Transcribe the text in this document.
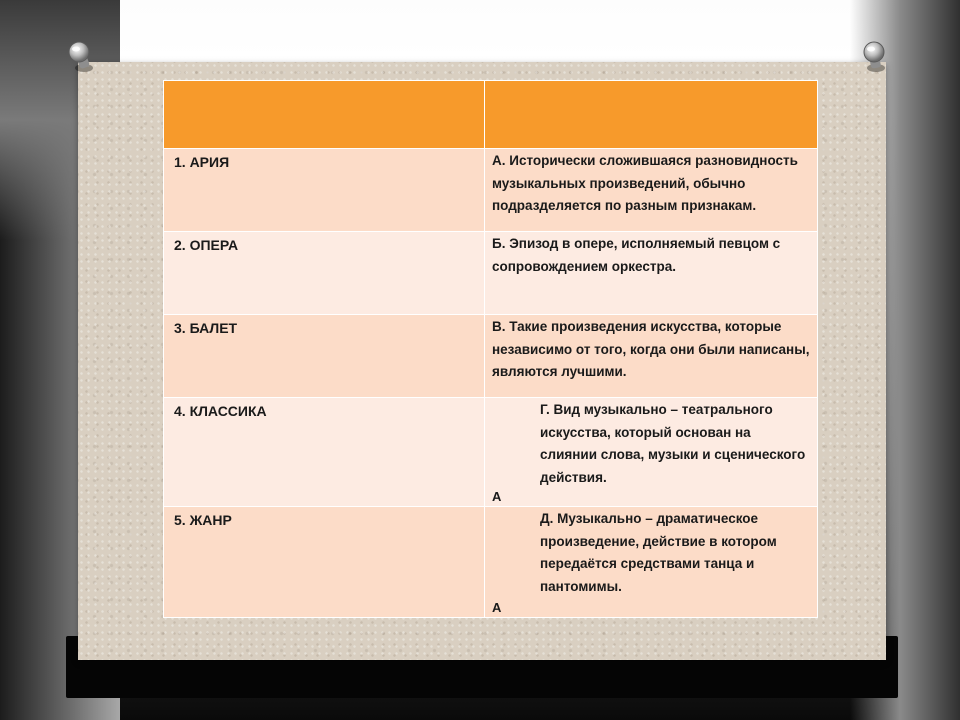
1. АРИЯ	А. Исторически сложившаяся разновидность музыкальных произведений, обычно подразделяется по разным признакам.

2. ОПЕРА	Б. Эпизод в опере, исполняемый певцом с сопровождением оркестра.

3. БАЛЕТ	В. Такие произведения искусства, которые независимо от того, когда они были написаны, являются лучшими.

4. КЛАССИКА	Г. Вид музыкально – театрального искусства, который основан на слиянии слова, музыки и сценического действия.
А

5. ЖАНР	Д. Музыкально – драматическое произведение, действие в котором передаётся средствами танца и пантомимы.
А
